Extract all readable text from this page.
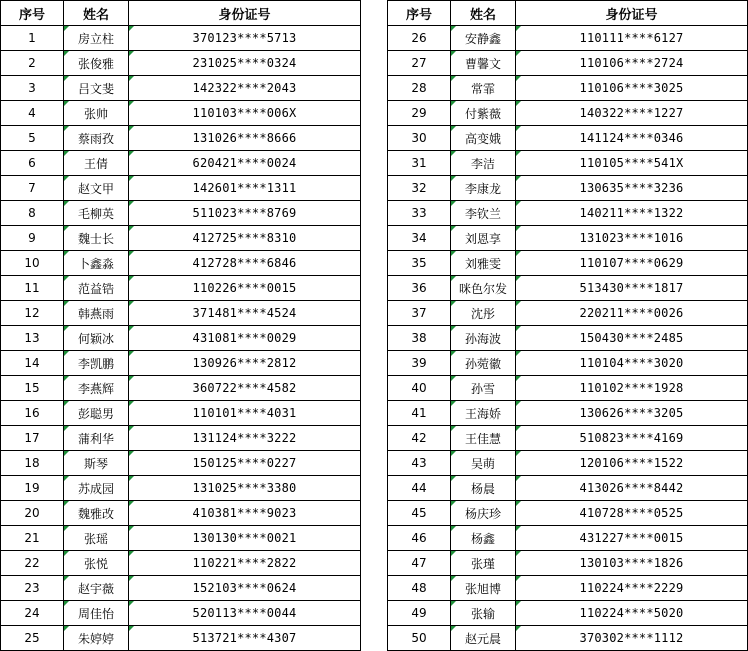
序号	姓名	身份证号
1	房立柱	370123****5713
2	张俊雅	231025****0324
3	吕文斐	142322****2043
4	张帅	110103****006X
5	蔡雨孜	131026****8666
6	王倩	620421****0024
7	赵文甲	142601****1311
8	毛柳英	511023****8769
9	魏士长	412725****8310
10	卜鑫淼	412728****6846
11	范益锆	110226****0015
12	韩燕雨	371481****4524
13	何颖冰	431081****0029
14	李凯鹏	130926****2812
15	李燕辉	360722****4582
16	彭聪男	110101****4031
17	蒲利华	131124****3222
18	斯琴	150125****0227
19	苏成园	131025****3380
20	魏雅改	410381****9023
21	张瑶	130130****0021
22	张悦	110221****2822
23	赵宇薇	152103****0624
24	周佳怡	520113****0044
25	朱婷婷	513721****4307
序号	姓名	身份证号
26	安静鑫	110111****6127
27	曹馨文	110106****2724
28	常霏	110106****3025
29	付紫薇	140322****1227
30	高变娥	141124****0346
31	李洁	110105****541X
32	李康龙	130635****3236
33	李钦兰	140211****1322
34	刘恩享	131023****1016
35	刘雅雯	110107****0629
36	咪色尔发	513430****1817
37	沈彤	220211****0026
38	孙海波	150430****2485
39	孙菀徽	110104****3020
40	孙雪	110102****1928
41	王海娇	130626****3205
42	王佳慧	510823****4169
43	吴萌	120106****1522
44	杨晨	413026****8442
45	杨庆珍	410728****0525
46	杨鑫	431227****0015
47	张瑾	130103****1826
48	张旭博	110224****2229
49	张输	110224****5020
50	赵元晨	370302****1112
